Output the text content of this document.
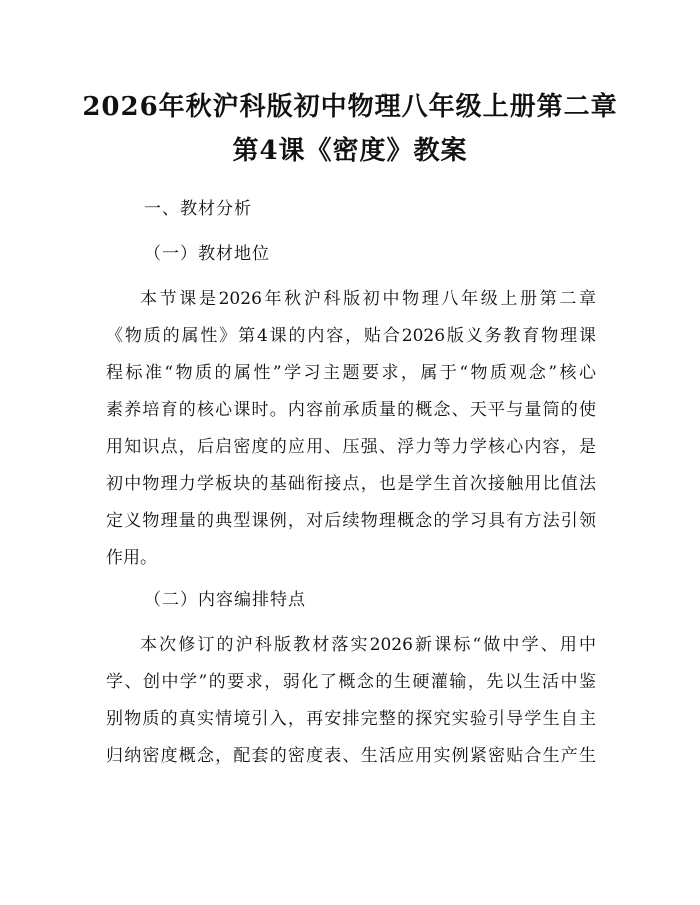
2026年秋沪科版初中物理八年级上册第二章
第4课《密度》教案
一、教材分析
（一）教材地位
本节课是2026年秋沪科版初中物理八年级上册第二章
《物质的属性》第4课的内容，贴合2026版义务教育物理课
程标准“物质的属性”学习主题要求，属于“物质观念”核心
素养培育的核心课时。内容前承质量的概念、天平与量筒的使
用知识点，后启密度的应用、压强、浮力等力学核心内容，是
初中物理力学板块的基础衔接点，也是学生首次接触用比值法
定义物理量的典型课例，对后续物理概念的学习具有方法引领
作用。
（二）内容编排特点
本次修订的沪科版教材落实2026新课标“做中学、用中
学、创中学”的要求，弱化了概念的生硬灌输，先以生活中鉴
别物质的真实情境引入，再安排完整的探究实验引导学生自主
归纳密度概念，配套的密度表、生活应用实例紧密贴合生产生
